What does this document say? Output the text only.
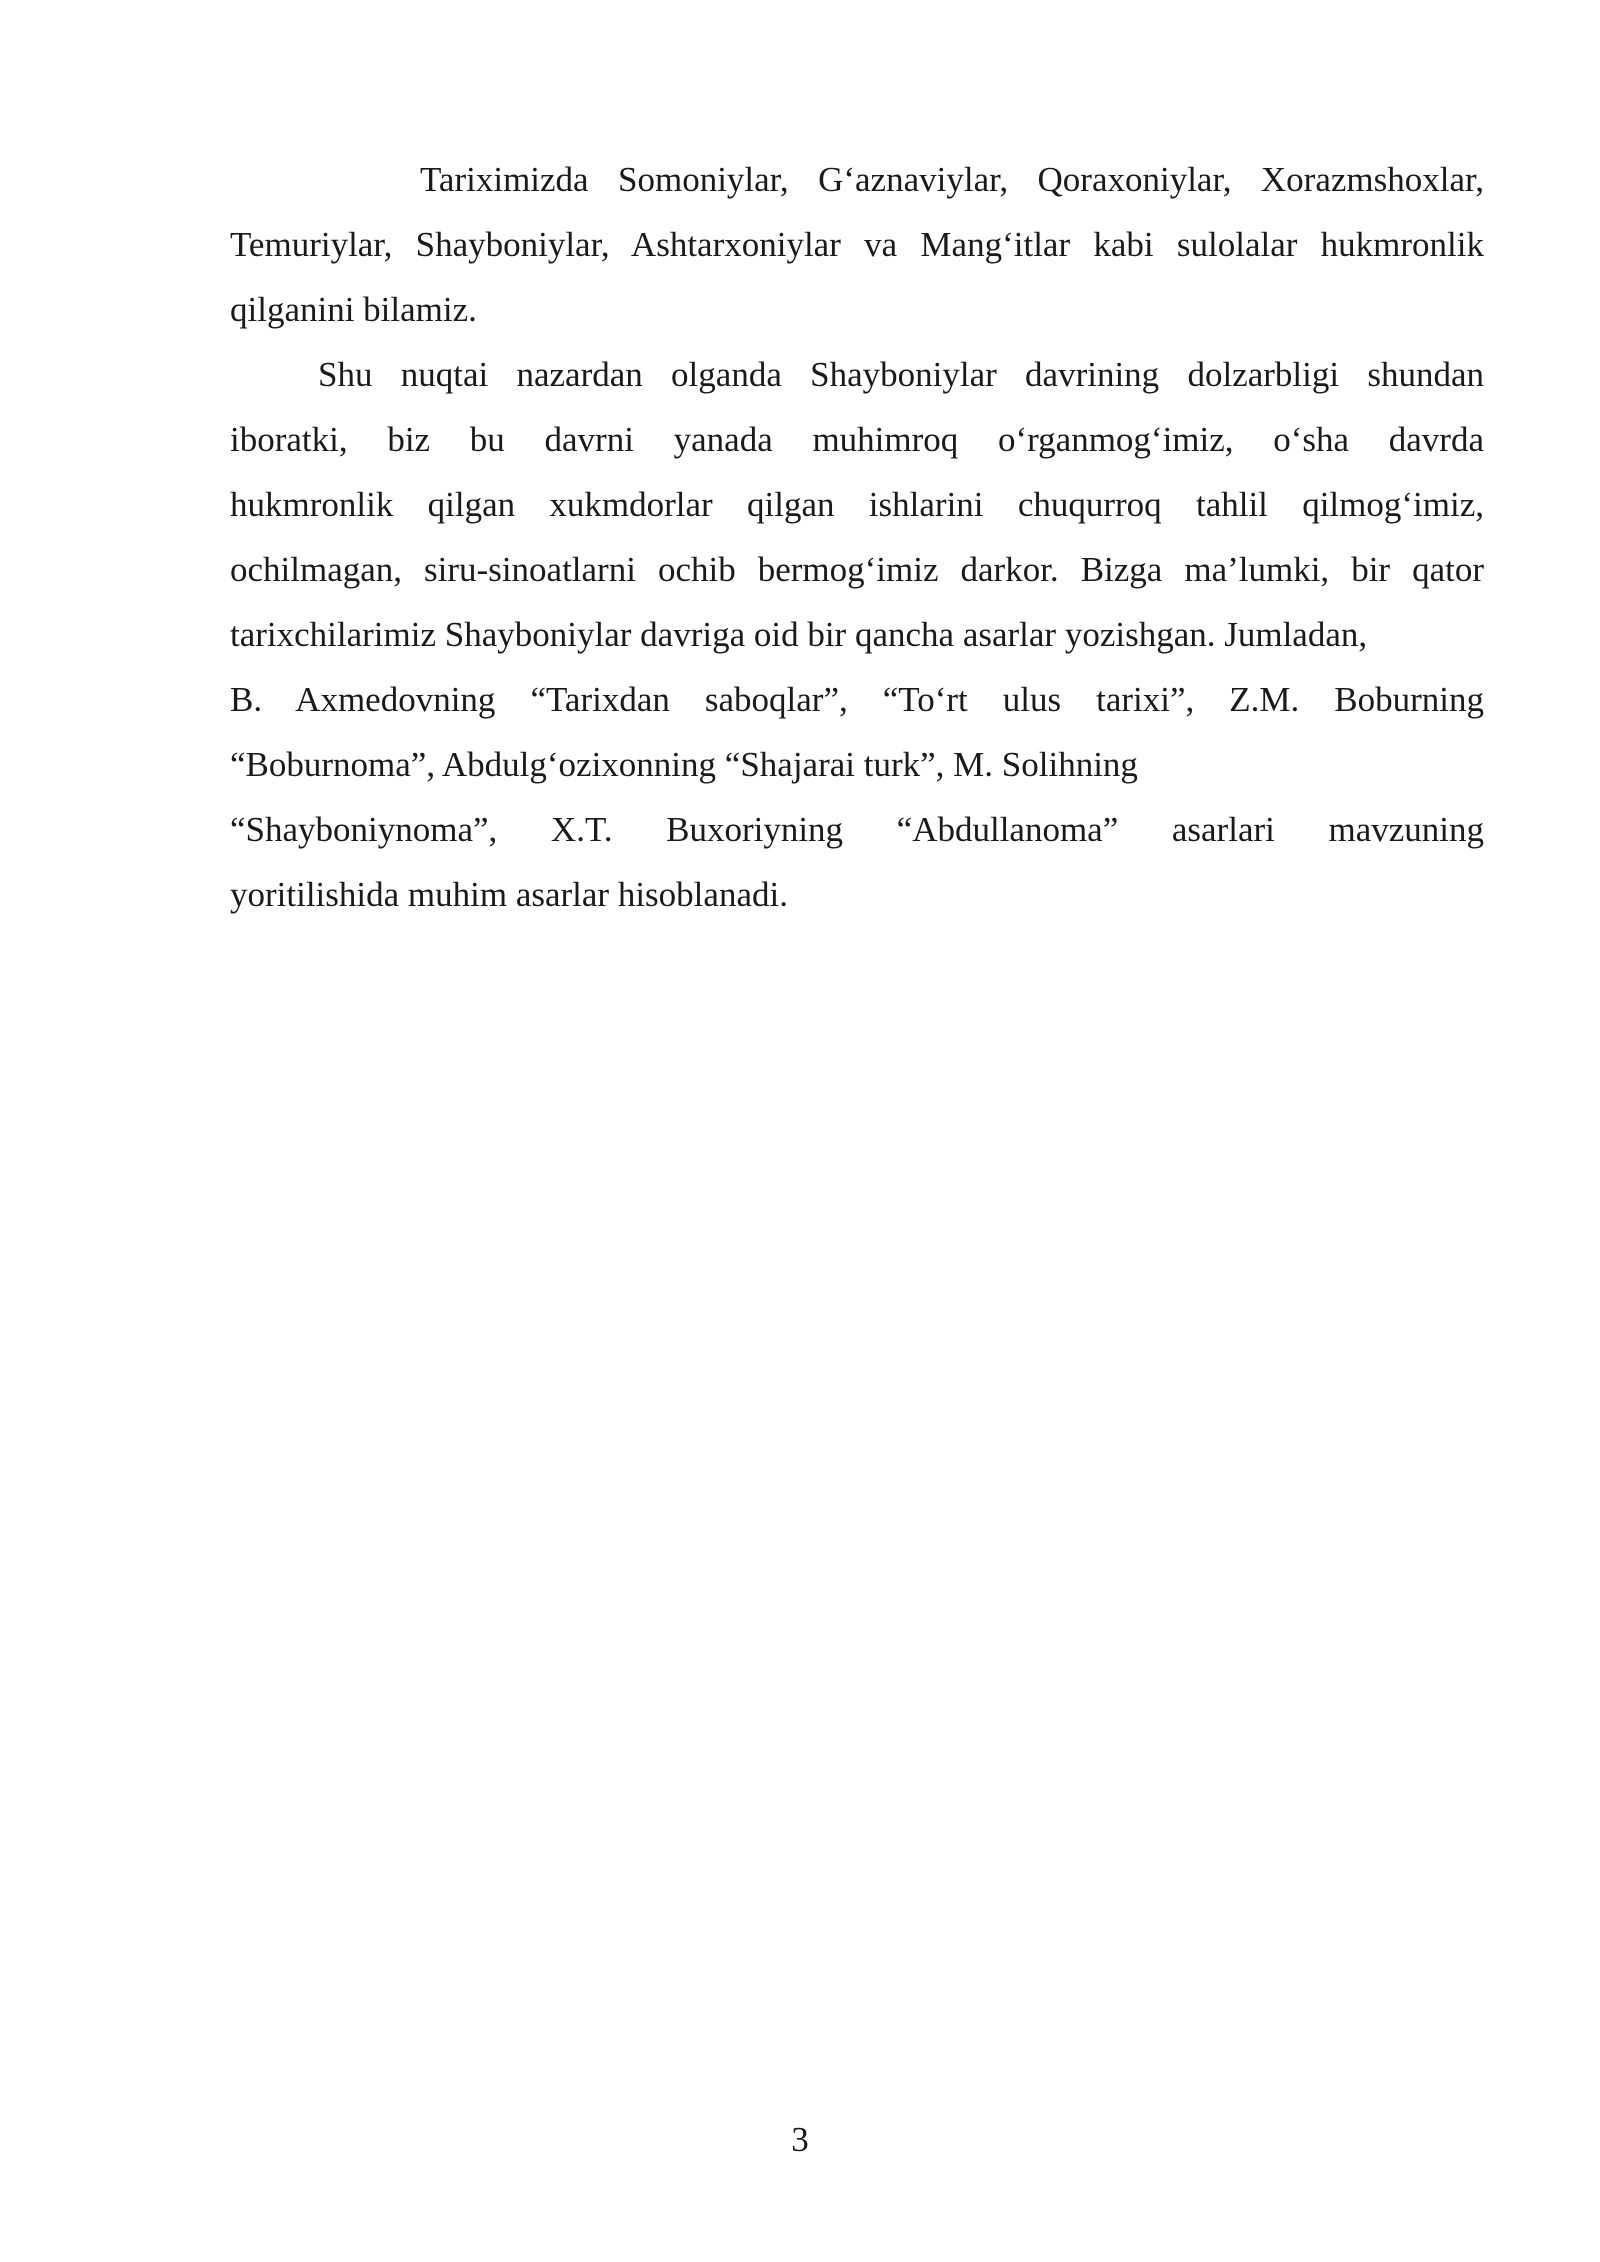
Tariximizda Somoniylar, G‘aznaviylar, Qoraxoniylar, Xorazmshoxlar,
Temuriylar, Shayboniylar, Ashtarxoniylar va Mang‘itlar kabi sulolalar hukmronlik
qilganini bilamiz.
Shu nuqtai nazardan olganda Shayboniylar davrining dolzarbligi shundan
iboratki, biz bu davrni yanada muhimroq o‘rganmog‘imiz, o‘sha davrda
hukmronlik qilgan xukmdorlar qilgan ishlarini chuqurroq tahlil qilmog‘imiz,
ochilmagan, siru-sinoatlarni ochib bermog‘imiz darkor. Bizga ma’lumki, bir qator
tarixchilarimiz Shayboniylar davriga oid bir qancha asarlar yozishgan. Jumladan,
B. Axmedovning “Tarixdan saboqlar”, “To‘rt ulus tarixi”, Z.M. Boburning
“Boburnoma”, Abdulg‘ozixonning “Shajarai turk”, M. Solihning
“Shayboniynoma”, X.T. Buxoriyning “Abdullanoma” asarlari mavzuning
yoritilishida muhim asarlar hisoblanadi.
3
